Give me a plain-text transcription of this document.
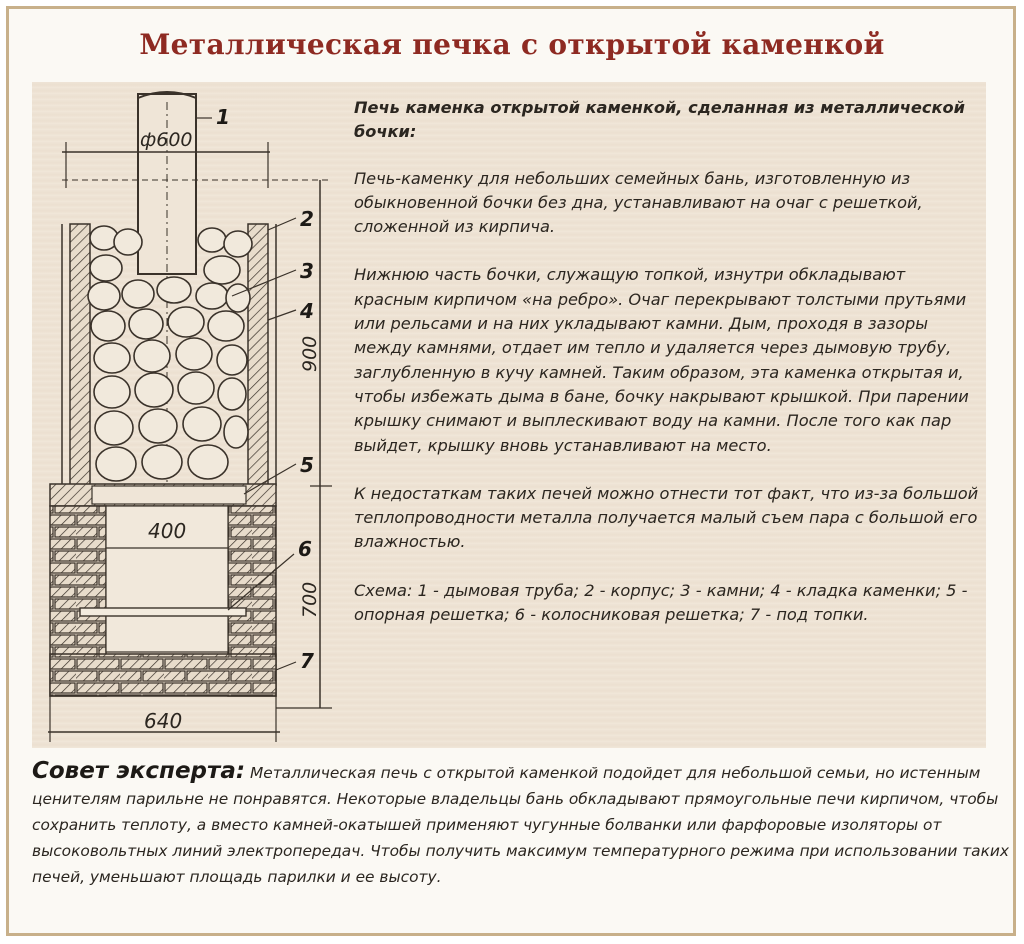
Металлическая печка с открытой каменкой
ф600
400
900
700
640
1
2
3
4
5
6
7

Печь каменка открытой каменкой, сделанная из металлической бочки:

Печь-каменку для небольших семейных бань, изготовленную из обыкновенной бочки без дна, устанавливают на очаг с решеткой, сложенной из кирпича.

Нижнюю часть бочки, служащую топкой, изнутри обкладывают красным кирпичом «на ребро». Очаг перекрывают толстыми прутьями или рельсами и на них укладывают камни. Дым, проходя в зазоры между камнями, отдает им тепло и удаляется через дымовую трубу, заглубленную в кучу камней. Таким образом, эта каменка открытая и, чтобы избежать дыма в бане, бочку накрывают крышкой. При парении крышку снимают и выплескивают воду на камни. После того как пар выйдет, крышку вновь устанавливают на место.

К недостаткам таких печей можно отнести тот факт, что из-за большой теплопроводности металла получается малый съем пара с большой его влажностью.

Схема: 1 - дымовая труба; 2 - корпус; 3 - камни; 4 - кладка каменки; 5 - опорная решетка; 6 - колосниковая решетка; 7 - под топки.

Совет эксперта: Металлическая печь с открытой каменкой подойдет для небольшой семьи, но истенным ценителям парильне не понравятся. Некоторые владельцы бань обкладывают прямоугольные печи кирпичом, чтобы сохранить теплоту, а вместо камней-окатышей применяют чугунные болванки или фарфоровые изоляторы от высоковольтных линий электропередач. Чтобы получить максимум температурного режима при использовании таких печей, уменьшают площадь парилки и ее высоту.
